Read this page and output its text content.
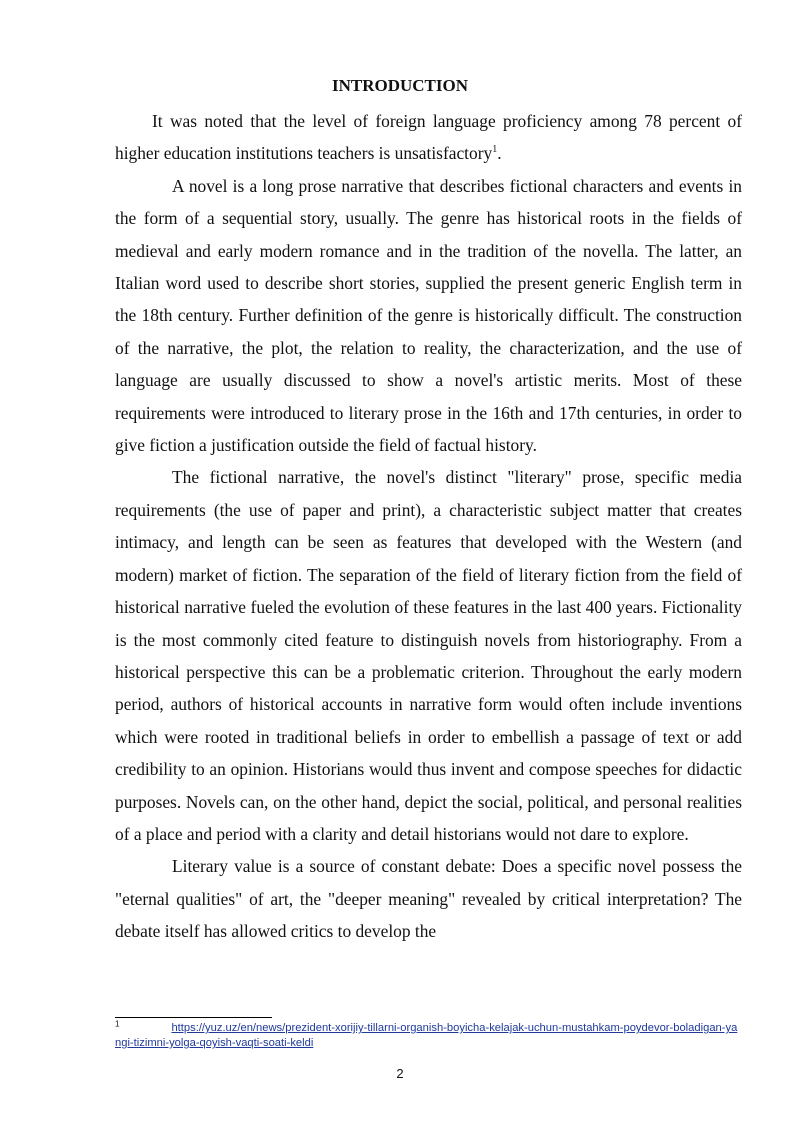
INTRODUCTION

It was noted that the level of foreign language proficiency among 78 percent of higher education institutions teachers is unsatisfactory$^1$.

A novel is a long prose narrative that describes fictional characters and events in the form of a sequential story, usually. The genre has historical roots in the fields of medieval and early modern romance and in the tradition of the novella. The latter, an Italian word used to describe short stories, supplied the present generic English term in the 18th century. Further definition of the genre is historically difficult. The construction of the narrative, the plot, the relation to reality, the characterization, and the use of language are usually discussed to show a novel's artistic merits. Most of these requirements were introduced to literary prose in the 16th and 17th centuries, in order to give fiction a justification outside the field of factual history.

The fictional narrative, the novel's distinct "literary" prose, specific media requirements (the use of paper and print), a characteristic subject matter that creates intimacy, and length can be seen as features that developed with the Western (and modern) market of fiction. The separation of the field of literary fiction from the field of historical narrative fueled the evolution of these features in the last 400 years. Fictionality is the most commonly cited feature to distinguish novels from historiography. From a historical perspective this can be a problematic criterion. Throughout the early modern period, authors of historical accounts in narrative form would often include inventions which were rooted in traditional beliefs in order to embellish a passage of text or add credibility to an opinion. Historians would thus invent and compose speeches for didactic purposes. Novels can, on the other hand, depict the social, political, and personal realities of a place and period with a clarity and detail historians would not dare to explore.

Literary value is a source of constant debate: Does a specific novel possess the "eternal qualities" of art, the "deeper meaning" revealed by critical interpretation? The debate itself has allowed critics to develop the

$^1$	https://yuz.uz/en/news/prezident-xorijiy-tillarni-organish-boyicha-kelajak-uchun-mustahkam-poydevor-boladigan-yangi-tizimni-yolga-qoyish-vaqti-soati-keldi
2
